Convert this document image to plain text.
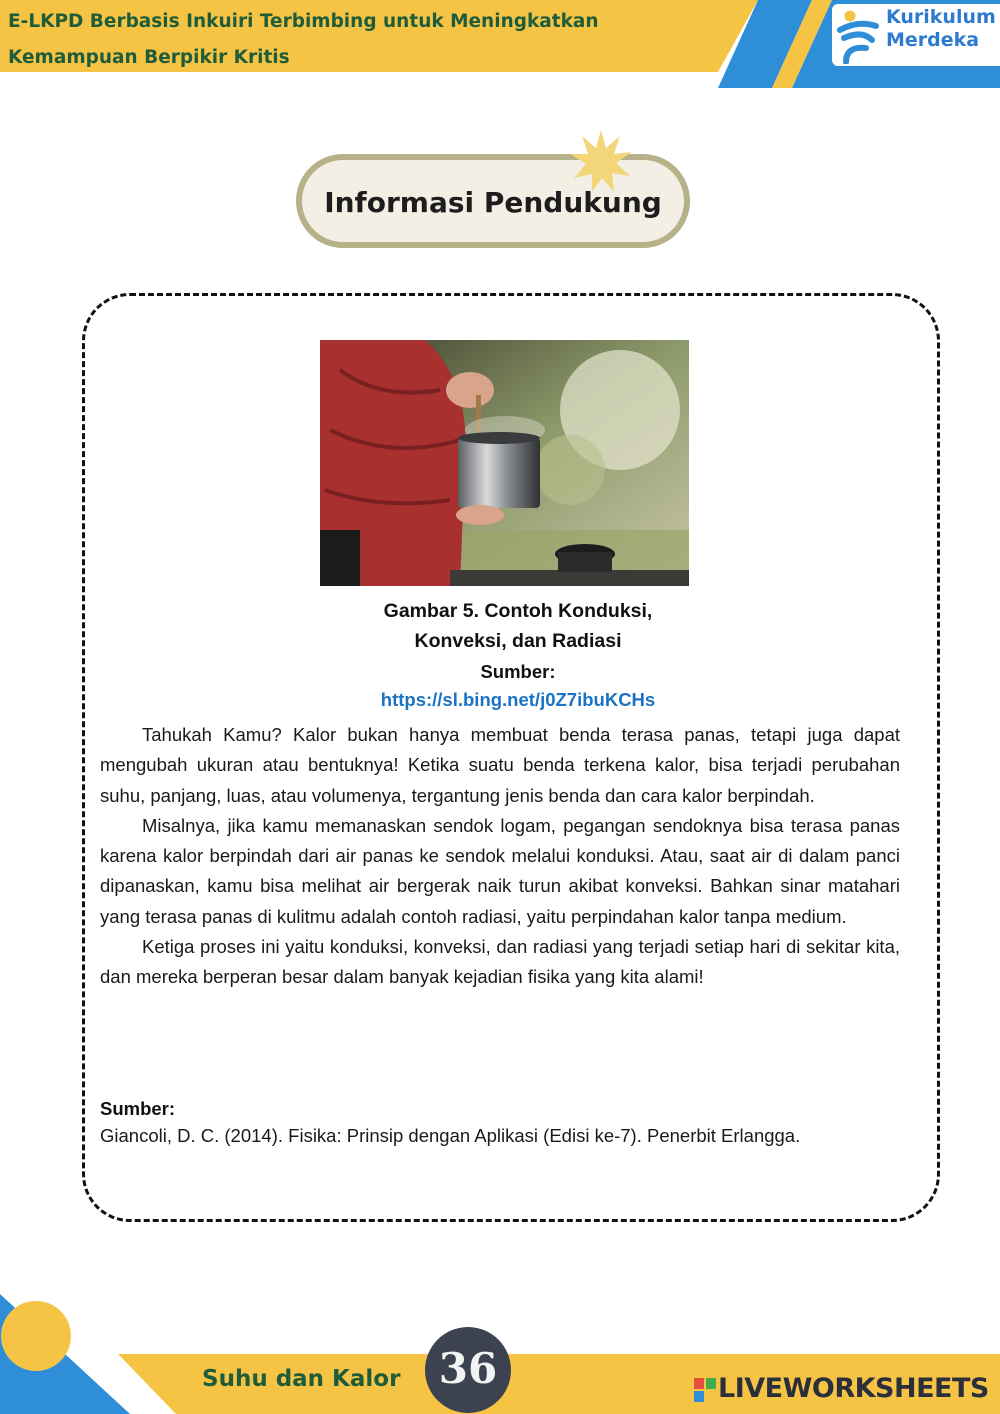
E-LKPD Berbasis Inkuiri Terbimbing untuk Meningkatkan
Kemampuan Berpikir Kritis
Kurikulum
Merdeka
Informasi Pendukung
Gambar 5. Contoh Konduksi,
Konveksi, dan Radiasi
Sumber:
https://sl.bing.net/j0Z7ibuKCHs

Tahukah Kamu? Kalor bukan hanya membuat benda terasa panas, tetapi juga dapat mengubah ukuran atau bentuknya! Ketika suatu benda terkena kalor, bisa terjadi perubahan suhu, panjang, luas, atau volumenya, tergantung jenis benda dan cara kalor berpindah.

Misalnya, jika kamu memanaskan sendok logam, pegangan sendoknya bisa terasa panas karena kalor berpindah dari air panas ke sendok melalui konduksi. Atau, saat air di dalam panci dipanaskan, kamu bisa melihat air bergerak naik turun akibat konveksi. Bahkan sinar matahari yang terasa panas di kulitmu adalah contoh radiasi, yaitu perpindahan kalor tanpa medium.

Ketiga proses ini yaitu konduksi, konveksi, dan radiasi yang terjadi setiap hari di sekitar kita, dan mereka berperan besar dalam banyak kejadian fisika yang kita alami!

Sumber:
Giancoli, D. C. (2014). Fisika: Prinsip dengan Aplikasi (Edisi ke-7). Penerbit Erlangga.
Suhu dan Kalor 36	LIVEWORKSHEETS
